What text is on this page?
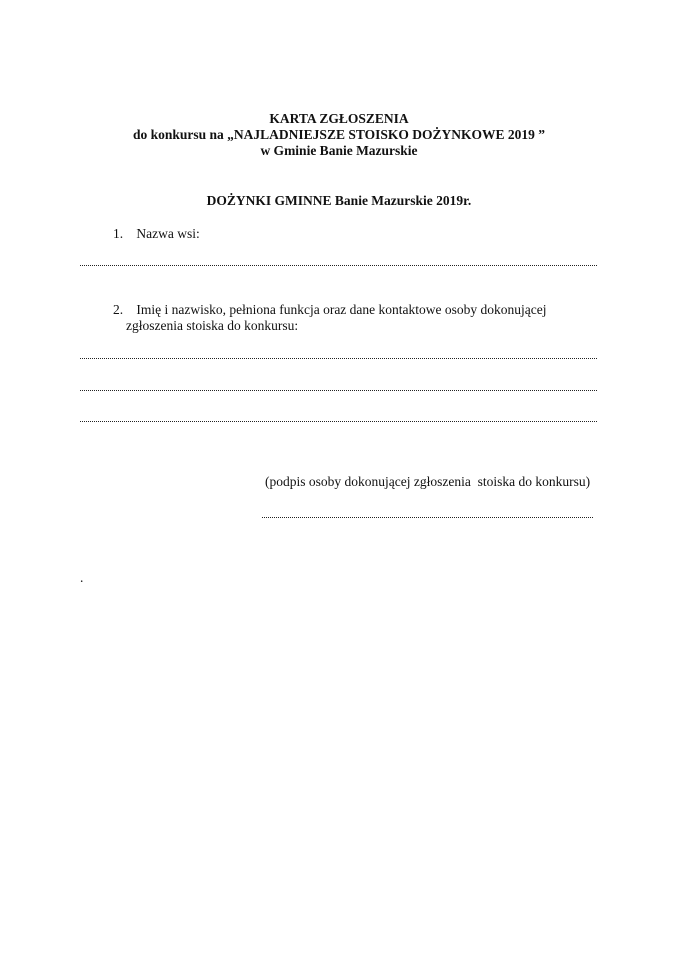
KARTA ZGŁOSZENIA
do konkursu na „NAJLADNIEJSZE STOISKO DOŻYNKOWE 2019 ”
w Gminie Banie Mazurskie
DOŻYNKI GMINNE Banie Mazurskie 2019r.
1. Nazwa wsi:
2. Imię i nazwisko, pełniona funkcja oraz dane kontaktowe osoby dokonującej
zgłoszenia stoiska do konkursu:
(podpis osoby dokonującej zgłoszenia  stoiska do konkursu)
.
